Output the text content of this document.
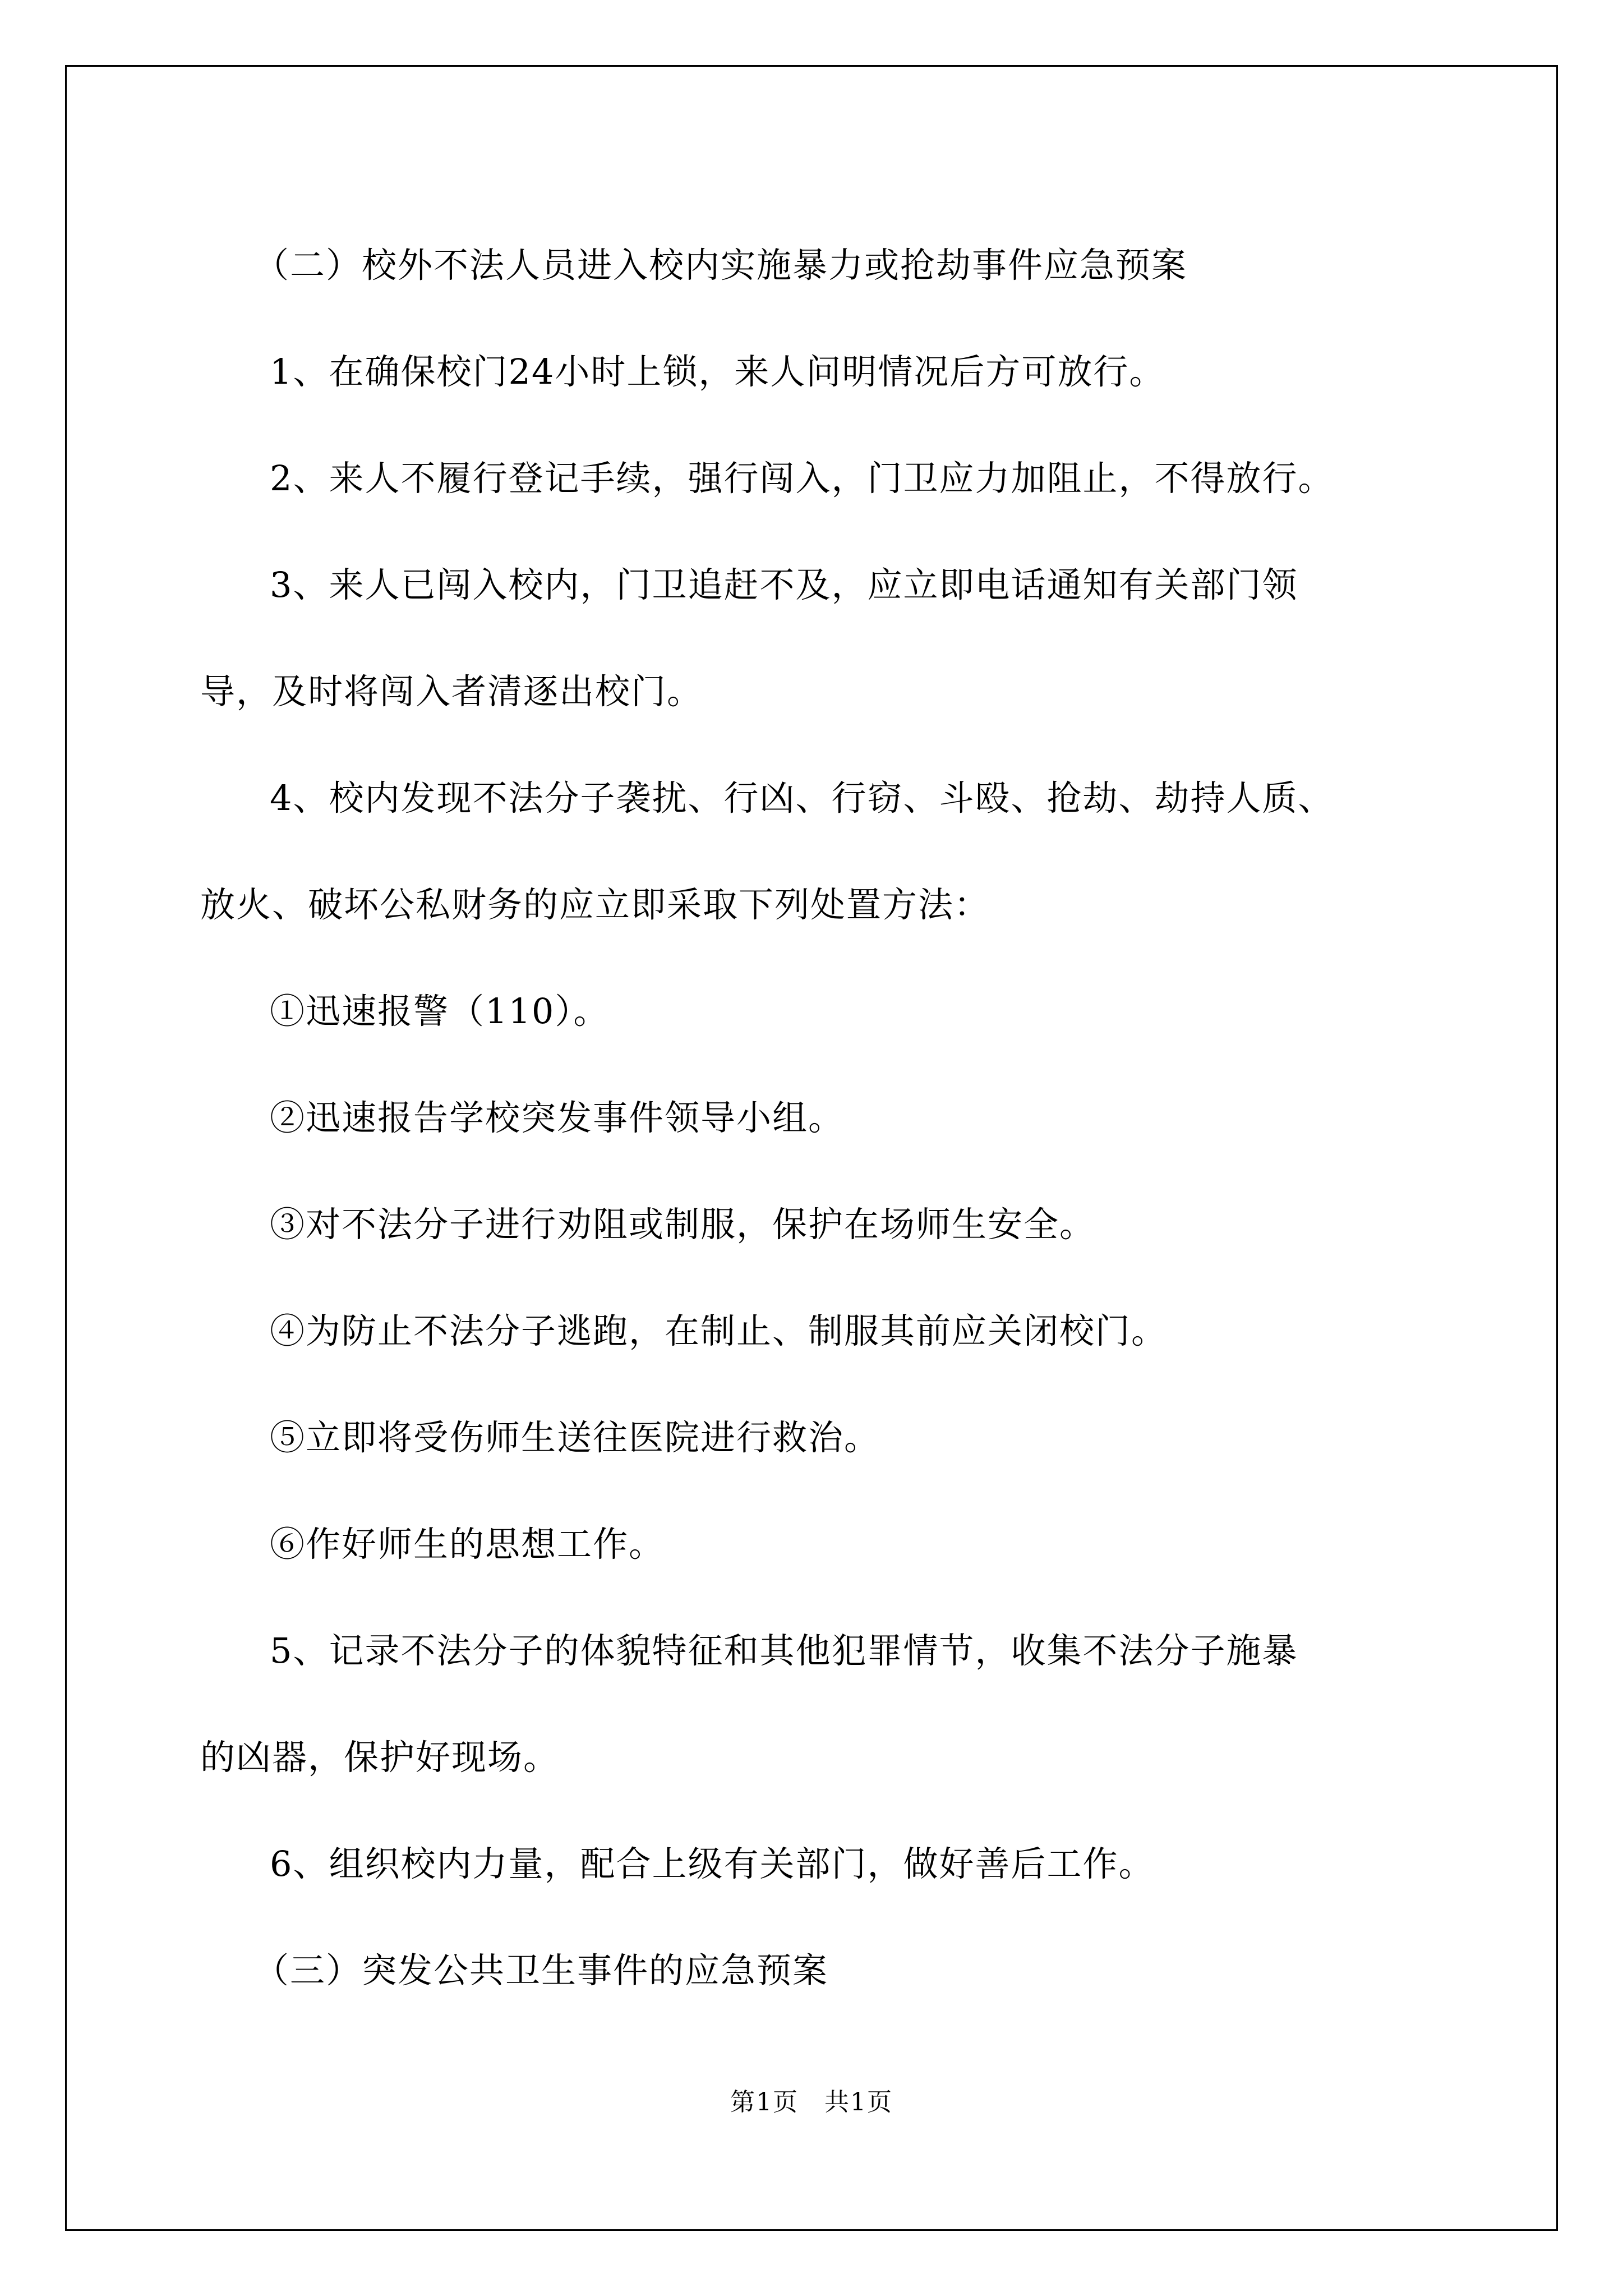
（二）校外不法人员进入校内实施暴力或抢劫事件应急预案
1、在确保校门24小时上锁，来人问明情况后方可放行。
2、来人不履行登记手续，强行闯入，门卫应力加阻止，不得放行。
3、来人已闯入校内，门卫追赶不及，应立即电话通知有关部门领
导，及时将闯入者清逐出校门。
4、校内发现不法分子袭扰、行凶、行窃、斗殴、抢劫、劫持人质、
放火、破坏公私财务的应立即采取下列处置方法：
①迅速报警（110）。
②迅速报告学校突发事件领导小组。
③对不法分子进行劝阻或制服，保护在场师生安全。
④为防止不法分子逃跑，在制止、制服其前应关闭校门。
⑤立即将受伤师生送往医院进行救治。
⑥作好师生的思想工作。
5、记录不法分子的体貌特征和其他犯罪情节，收集不法分子施暴
的凶器，保护好现场。
6、组织校内力量，配合上级有关部门，做好善后工作。
（三）突发公共卫生事件的应急预案
第1页　共1页
